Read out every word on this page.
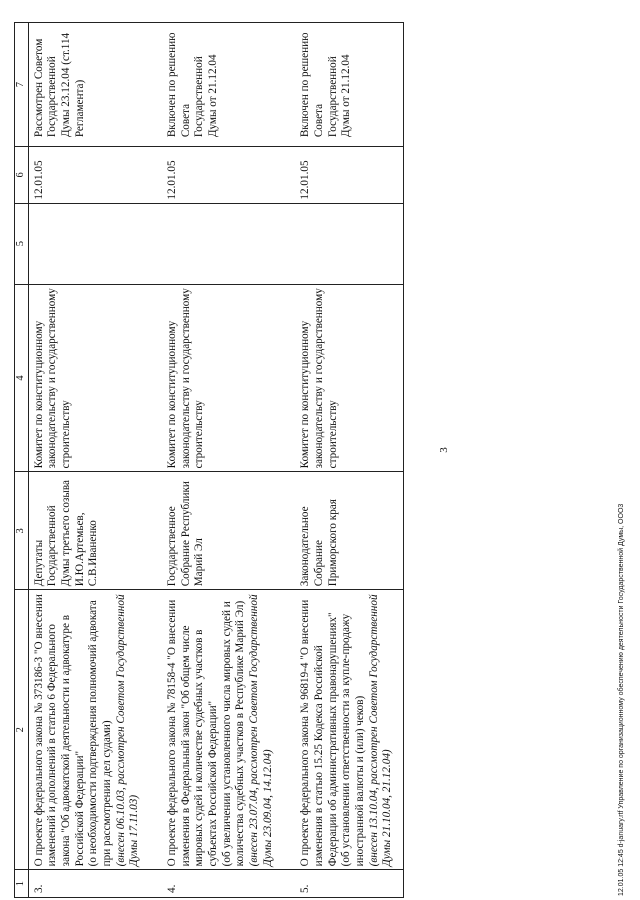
1	2	3	4	5	6	7

3.	О проекте федерального закона № 373186-3 "О внесении изменений и дополнений в статью 6 Федерального закона "Об адвокатской деятельности и адвокатуре в Российской Федерации" (о необходимости подтверждения полномочий адвоката при рассмотрении дел судами) (внесен 06.10.03, рассмотрен Советом Государственной Думы 17.11.03)	Депутаты Государственной Думы третьего созыва И.Ю.Артемьев, С.В.Иваненко	Комитет по конституционному законодательству и государственному строительству		12.01.05	Рассмотрен Советом Государственной Думы 23.12.04 (ст.114 Регламента)

4.	О проекте федерального закона № 78158-4 "О внесении изменения в Федеральный закон "Об общем числе мировых судей и количестве судебных участков в субъектах Российской Федерации" (об увеличении установленного числа мировых судей и количества судебных участков в Республике Марий Эл) (внесен 23.07.04, рассмотрен Советом Государственной Думы 23.09.04, 14.12.04)	Государственное Собрание Республики Марий Эл	Комитет по конституционному законодательству и государственному строительству		12.01.05	Включен по решению Совета Государственной Думы от 21.12.04

5.	О проекте федерального закона № 96819-4 "О внесении изменения в статью 15.25 Кодекса Российской Федерации об административных правонарушениях" (об установлении ответственности за купле-продажу иностранной валюты и (или) чеков) (внесен 13.10.04, рассмотрен Советом Государственной Думы 21.10.04, 21.12.04)	Законодательное Собрание Приморского края	Комитет по конституционному законодательству и государственному строительству		12.01.05	Включен по решению Совета Государственной Думы от 21.12.04

3
12.01.05 12:45 d-january.rtf Управление по организационному обеспечению деятельности Государственной Думы, ООО3
